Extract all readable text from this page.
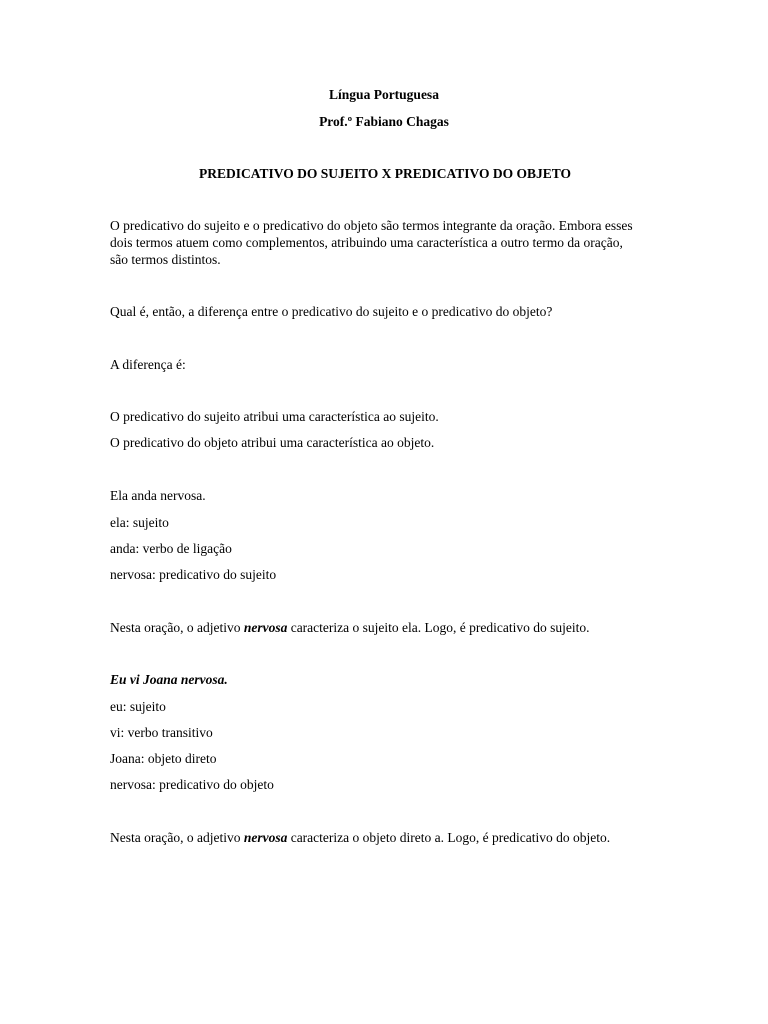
Língua Portuguesa
Prof.º Fabiano Chagas
PREDICATIVO DO SUJEITO X PREDICATIVO DO OBJETO
O predicativo do sujeito e o predicativo do objeto são termos integrante da oração. Embora esses
dois termos atuem como complementos, atribuindo uma característica a outro termo da oração,
são termos distintos.
Qual é, então, a diferença entre o predicativo do sujeito e o predicativo do objeto?
A diferença é:
O predicativo do sujeito atribui uma característica ao sujeito.
O predicativo do objeto atribui uma característica ao objeto.
Ela anda nervosa.
ela: sujeito
anda: verbo de ligação
nervosa: predicativo do sujeito
Nesta oração, o adjetivo nervosa caracteriza o sujeito ela. Logo, é predicativo do sujeito.
Eu vi Joana nervosa.
eu: sujeito
vi: verbo transitivo
Joana: objeto direto
nervosa: predicativo do objeto
Nesta oração, o adjetivo nervosa caracteriza o objeto direto a. Logo, é predicativo do objeto.
